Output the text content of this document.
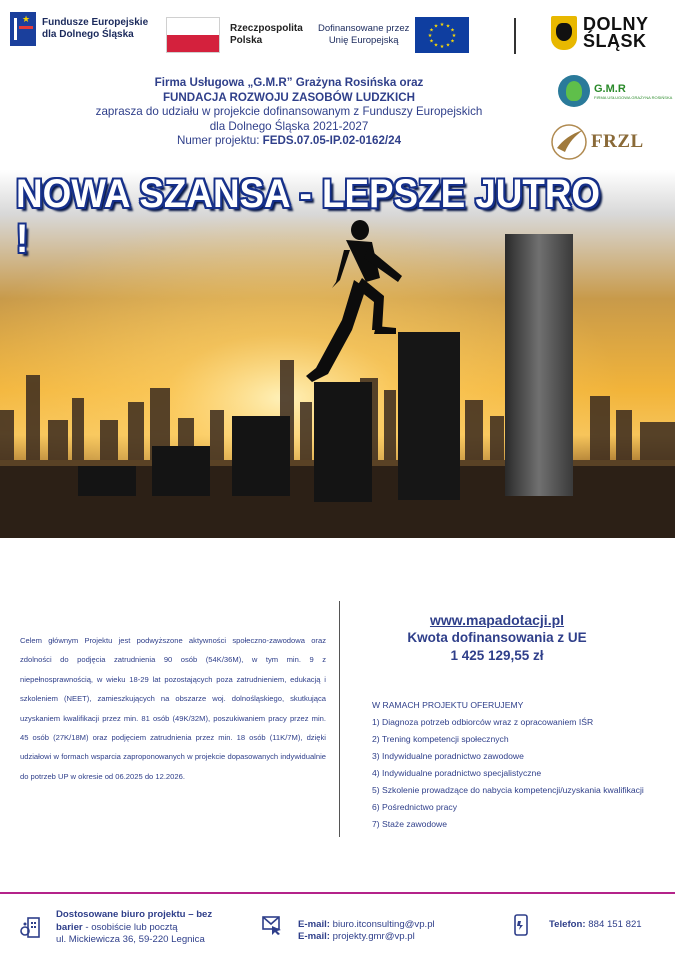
★ Fundusze Europejskie
dla Dolnego Śląska
Rzeczpospolita
Polska
Dofinansowane przez
Unię Europejską
★ ★
★
★
★
★
★
★
★
★
★
★	DOLNY
ŚLĄSK
G.M.R
FIRMA USŁUGOWA GRAŻYNA ROSIŃSKA
FRZL
Firma Usługowa „G.M.R” Grażyna Rosińska oraz
FUNDACJA ROZWOJU ZASOBÓW LUDZKICH
zaprasza do udziału w projekcie dofinansowanym z Funduszy Europejskich
dla Dolnego Śląska 2021-2027
Numer projektu: FEDS.07.05-IP.02-0162/24
NOWA SZANSA - LEPSZE JUTRO !
Celem głównym Projektu jest podwyższone aktywności społeczno-zawodowa oraz zdolności do podjęcia zatrudnienia 90 osób (54K/36M), w tym min. 9 z niepełnosprawnością, w wieku 18-29 lat pozostających poza zatrudnieniem, edukacją i szkoleniem (NEET), zamieszkujących na obszarze woj. dolnośląskiego, skutkująca uzyskaniem kwalifikacji przez min. 81 osób (49K/32M), poszukiwaniem pracy przez min. 45 osób (27K/18M) oraz podjęciem zatrudnienia przez min. 18 osób (11K/7M), dzięki udziałowi w formach wsparcia zaproponowanych w projekcie dopasowanych indywidualnie do potrzeb UP w okresie od 06.2025 do 12.2026.
www.mapadotacji.pl
Kwota dofinansowania z UE
1 425 129,55 zł
W RAMACH PROJEKTU OFERUJEMY
1) Diagnoza potrzeb odbiorców wraz z opracowaniem IŚR
2) Trening kompetencji społecznych
3) Indywidualne poradnictwo zawodowe
4) Indywidualne poradnictwo specjalistyczne
5) Szkolenie prowadzące do nabycia kompetencji/uzyskania kwalifikacji
6) Pośrednictwo pracy
7) Staże zawodowe
Dostosowane biuro projektu – bez
barier - osobiście lub pocztą
ul. Mickiewicza 36, 59-220 Legnica
E-mail: biuro.itconsulting@vp.pl
E-mail: projekty.gmr@vp.pl
Telefon: 884 151 821
